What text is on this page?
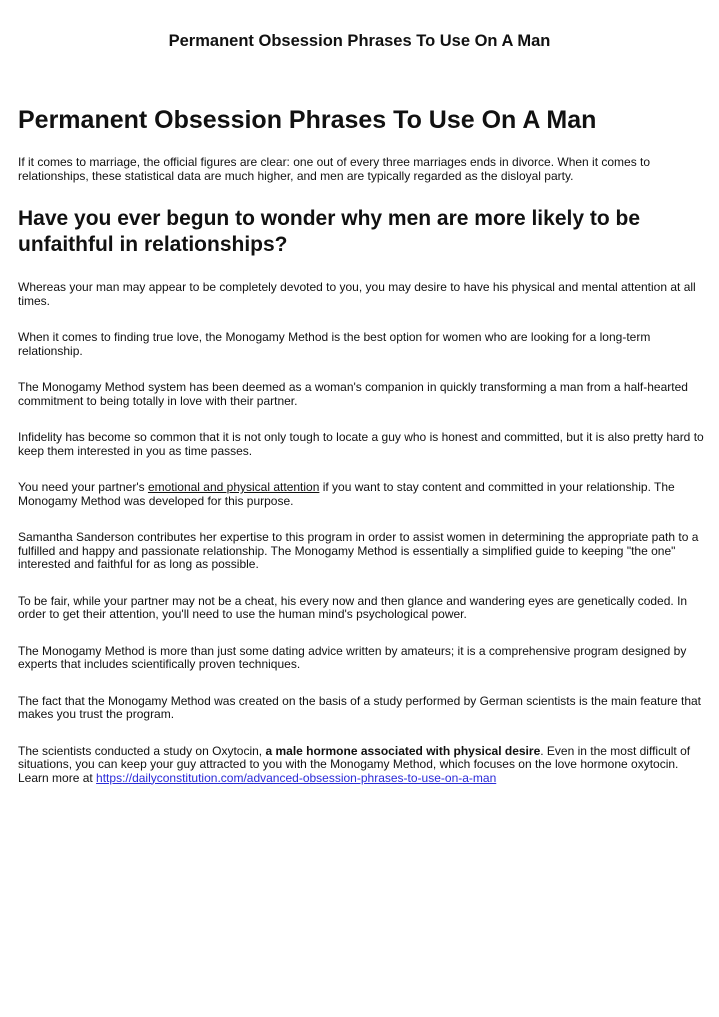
Permanent Obsession Phrases To Use On A Man
Permanent Obsession Phrases To Use On A Man

If it comes to marriage, the official figures are clear: one out of every three marriages ends in divorce. When it comes to relationships, these statistical data are much higher, and men are typically regarded as the disloyal party.

Have you ever begun to wonder why men are more likely to be unfaithful in relationships?

Whereas your man may appear to be completely devoted to you, you may desire to have his physical and mental attention at all times.

When it comes to finding true love, the Monogamy Method is the best option for women who are looking for a long-term relationship.

The Monogamy Method system has been deemed as a woman's companion in quickly transforming a man from a half-hearted commitment to being totally in love with their partner.

Infidelity has become so common that it is not only tough to locate a guy who is honest and committed, but it is also pretty hard to keep them interested in you as time passes.

You need your partner's emotional and physical attention if you want to stay content and committed in your relationship. The Monogamy Method was developed for this purpose.

Samantha Sanderson contributes her expertise to this program in order to assist women in determining the appropriate path to a fulfilled and happy and passionate relationship. The Monogamy Method is essentially a simplified guide to keeping "the one" interested and faithful for as long as possible.

To be fair, while your partner may not be a cheat, his every now and then glance and wandering eyes are genetically coded. In order to get their attention, you'll need to use the human mind's psychological power.

The Monogamy Method is more than just some dating advice written by amateurs; it is a comprehensive program designed by experts that includes scientifically proven techniques.

The fact that the Monogamy Method was created on the basis of a study performed by German scientists is the main feature that makes you trust the program.

The scientists conducted a study on Oxytocin, a male hormone associated with physical desire. Even in the most difficult of situations, you can keep your guy attracted to you with the Monogamy Method, which focuses on the love hormone oxytocin. Learn more at https://dailyconstitution.com/advanced-obsession-phrases-to-use-on-a-man
